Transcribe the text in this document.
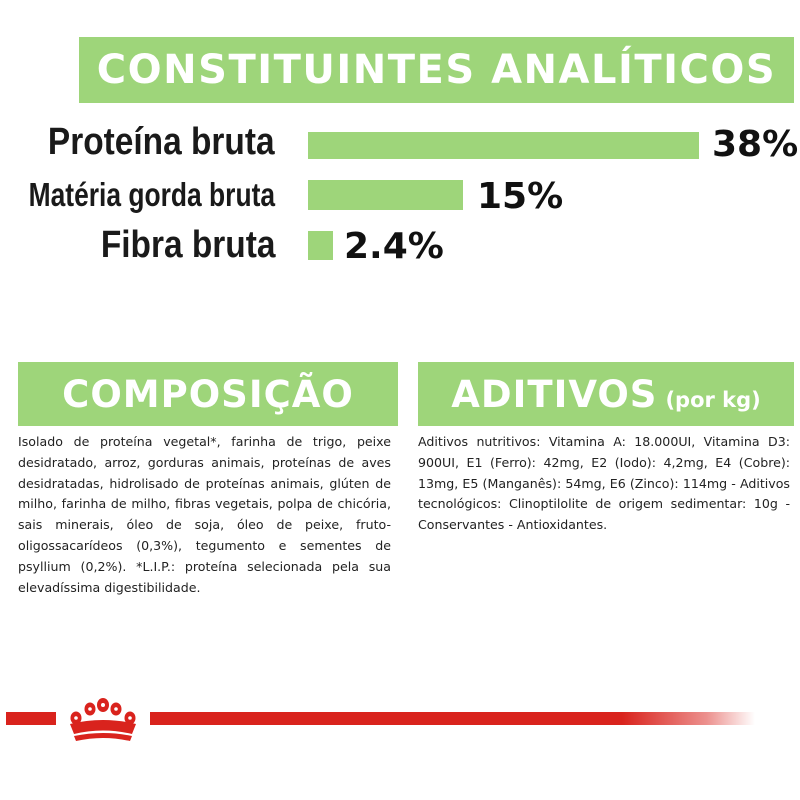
CONSTITUINTES ANALÍTICOS
Proteína bruta	38%
Matéria gorda bruta	15%
Fibra bruta 2.4%
COMPOSIÇÃO

Isolado de proteína vegetal*, farinha de trigo, peixe desidratado, arroz, gorduras animais, proteínas de aves desidratadas, hidrolisado de proteínas animais, glúten de milho, farinha de milho, fibras vegetais, polpa de chicória, sais minerais, óleo de soja, óleo de peixe, fruto-oligossacarídeos (0,3%), tegumento e sementes de psyllium (0,2%). *L.I.P.: proteína selecionada pela sua elevadíssima digestibilidade.

ADITIVOS (por kg)

Aditivos nutritivos: Vitamina A: 18.000UI, Vitamina D3: 900UI, E1 (Ferro): 42mg, E2 (Iodo): 4,2mg, E4 (Cobre): 13mg, E5 (Manganês): 54mg, E6 (Zinco): 114mg - Aditivos tecnológicos: Clinoptilolite de origem sedimentar: 10g - Conservantes - Antioxidantes.
